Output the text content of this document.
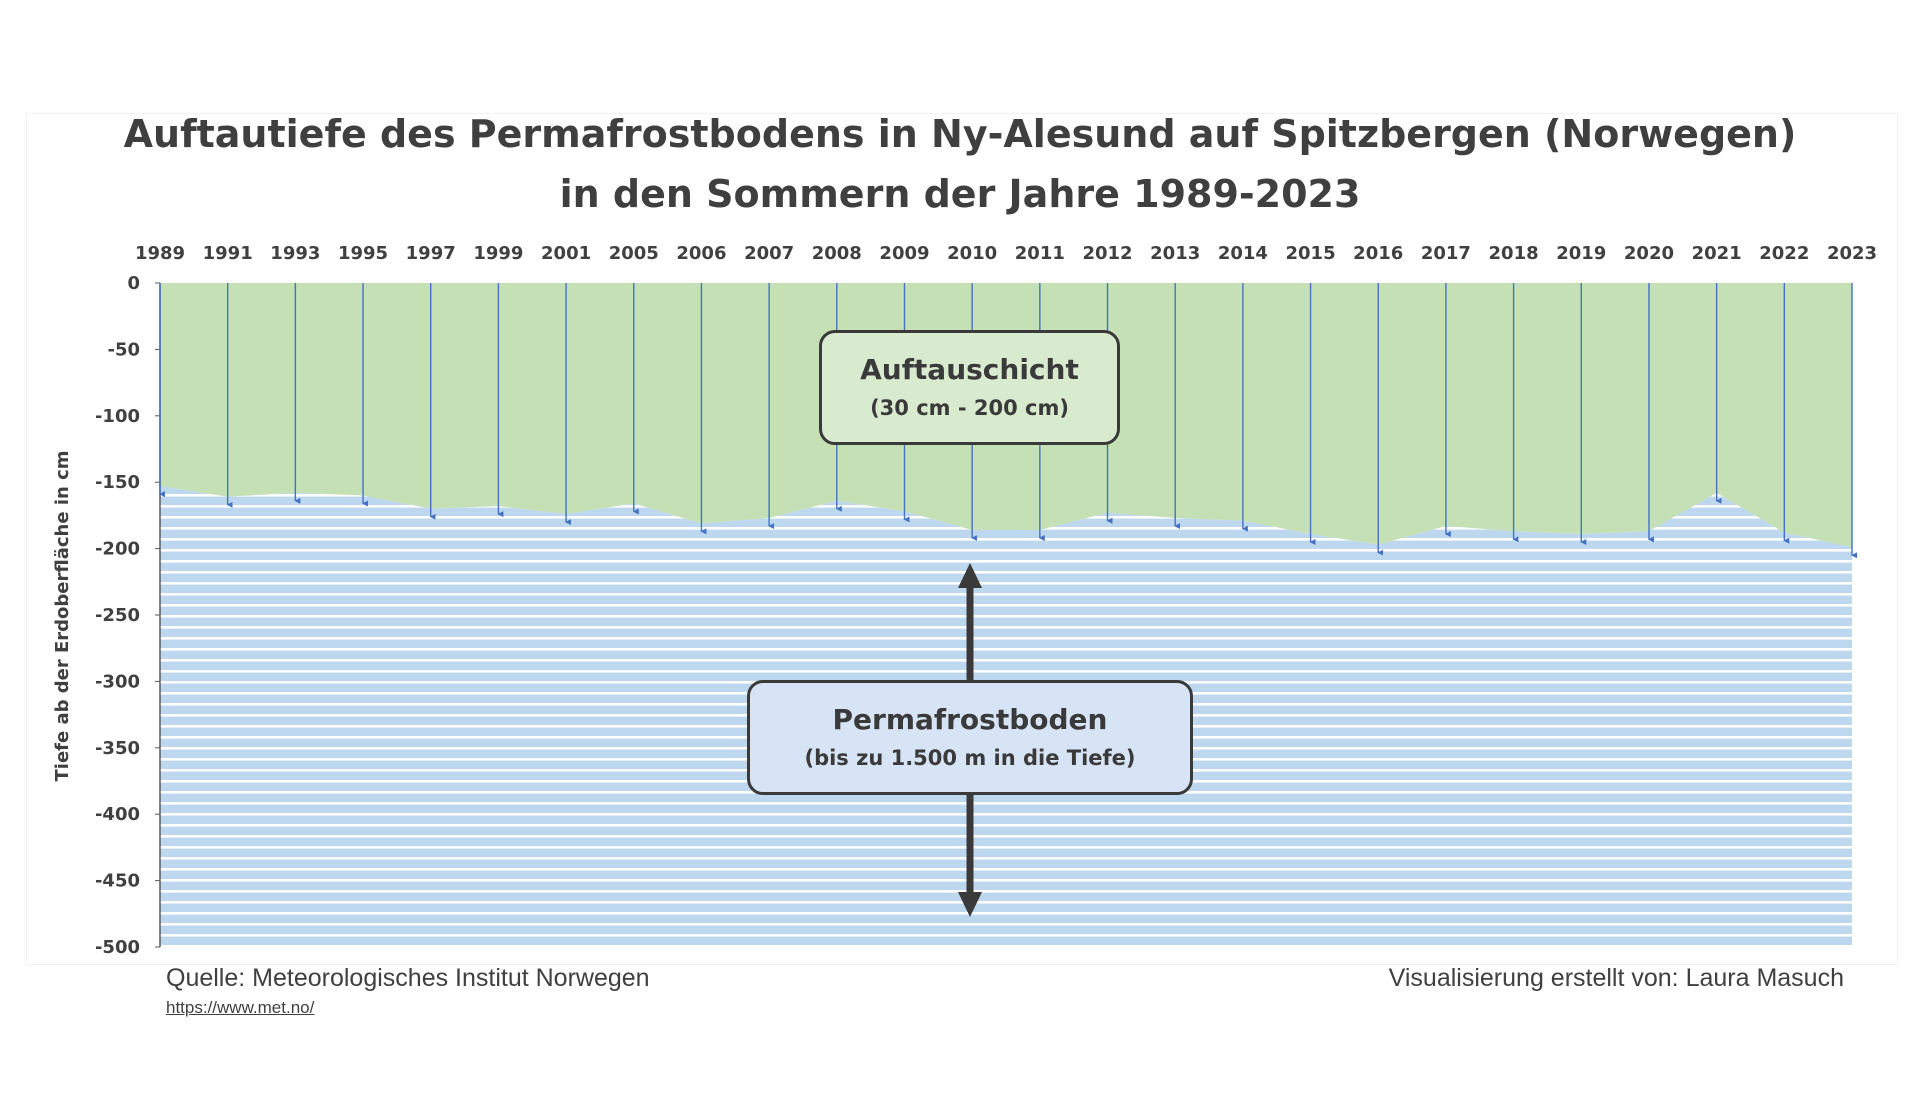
Auftautiefe des Permafrostbodens in Ny-Alesund auf Spitzbergen (Norwegen)
in den Sommern der Jahre 1989-2023
1989 1991 1993 1995 1997 1999 2001 2005 2006 2007 2008 2009 2010 2011 2012 2013 2014 2015 2016 2017 2018 2019 2020 2021 2022 2023
0
-50
-100
-150
-200
-250
-300
-350
-400
-450
-500
Tiefe ab der Erdoberfläche in cm
Auftauschicht
(30 cm - 200 cm)
Permafrostboden
(bis zu 1.500 m in die Tiefe)
Quelle: Meteorologisches Institut Norwegen
https://www.met.no/
Visualisierung erstellt von: Laura Masuch
